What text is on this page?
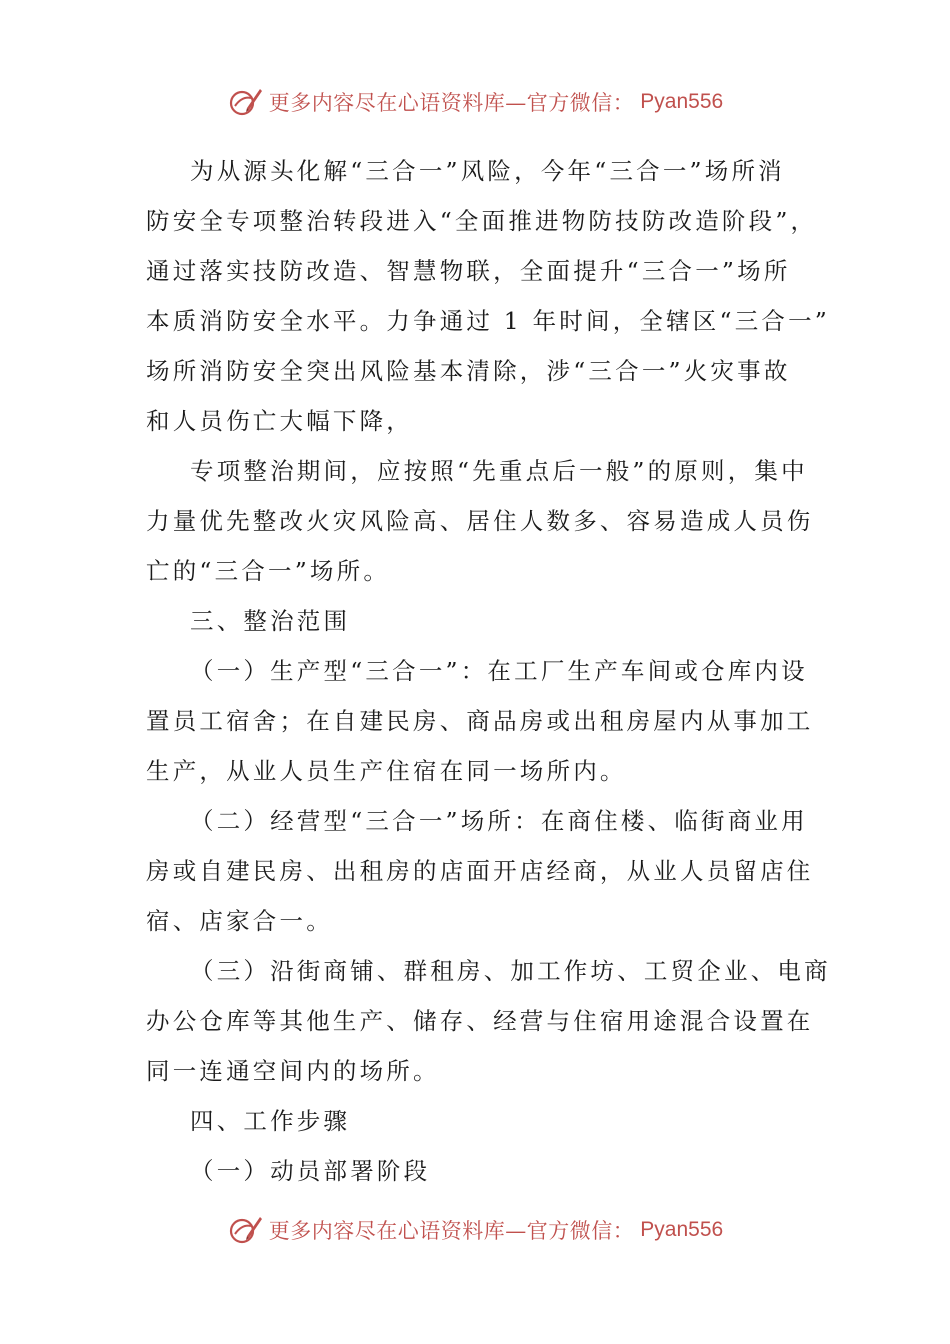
更多内容尽在心语资料库—官方微信： Pyan556
为从源头化解“三合一”风险，今年“三合一”场所消
防安全专项整治转段进入“全面推进物防技防改造阶段”，
通过落实技防改造、智慧物联，全面提升“三合一”场所
本质消防安全水平。力争通过 1 年时间，全辖区“三合一”
场所消防安全突出风险基本清除，涉“三合一”火灾事故
和人员伤亡大幅下降，
专项整治期间，应按照“先重点后一般”的原则，集中
力量优先整改火灾风险高、居住人数多、容易造成人员伤
亡的“三合一”场所。
三、整治范围
（一）生产型“三合一”：在工厂生产车间或仓库内设
置员工宿舍；在自建民房、商品房或出租房屋内从事加工
生产，从业人员生产住宿在同一场所内。
（二）经营型“三合一”场所：在商住楼、临街商业用
房或自建民房、出租房的店面开店经商，从业人员留店住
宿、店家合一。
（三）沿街商铺、群租房、加工作坊、工贸企业、电商
办公仓库等其他生产、储存、经营与住宿用途混合设置在
同一连通空间内的场所。
四、工作步骤
（一）动员部署阶段
更多内容尽在心语资料库—官方微信： Pyan556
